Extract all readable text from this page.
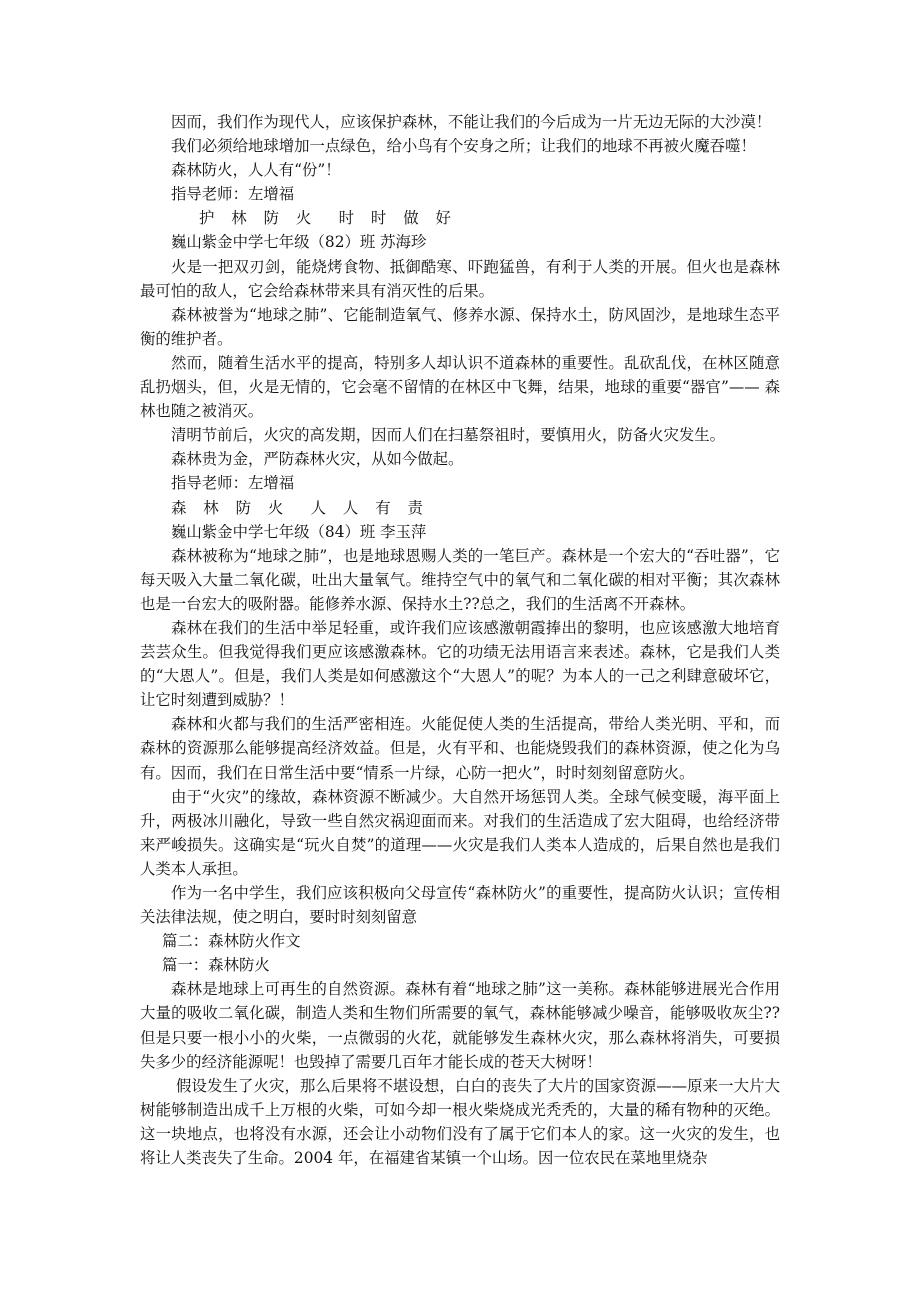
因而，我们作为现代人，应该保护森林，不能让我们的今后成为一片无边无际的大沙漠！

我们必须给地球增加一点绿色，给小鸟有个安身之所；让我们的地球不再被火魔吞噬！

森林防火，人人有“份”！

指导老师：左增福

护 林 防 火　时 时 做 好

巍山紫金中学七年级（82）班 苏海珍

火是一把双刃剑，能烧烤食物、抵御酷寒、吓跑猛兽，有利于人类的开展。但火也是森林最可怕的敌人，它会给森林带来具有消灭性的后果。

森林被誉为“地球之肺”、它能制造氧气、修养水源、保持水土，防风固沙，是地球生态平衡的维护者。

然而，随着生活水平的提高，特别多人却认识不道森林的重要性。乱砍乱伐，在林区随意乱扔烟头，但，火是无情的，它会毫不留情的在林区中飞舞，结果，地球的重要“器官”—— 森林也随之被消灭。

清明节前后，火灾的高发期，因而人们在扫墓祭祖时，要慎用火，防备火灾发生。

森林贵为金，严防森林火灾，从如今做起。

指导老师：左增福

森 林 防 火　人 人 有 责

巍山紫金中学七年级（84）班 李玉萍

森林被称为“地球之肺”，也是地球恩赐人类的一笔巨产。森林是一个宏大的“吞吐器”，它每天吸入大量二氧化碳，吐出大量氧气。维持空气中的氧气和二氧化碳的相对平衡；其次森林也是一台宏大的吸附器。能修养水源、保持水土??总之，我们的生活离不开森林。

森林在我们的生活中举足轻重，或许我们应该感激朝霞捧出的黎明，也应该感激大地培育芸芸众生。但我觉得我们更应该感激森林。它的功绩无法用语言来表述。森林，它是我们人类的“大恩人”。但是，我们人类是如何感激这个“大恩人”的呢？为本人的一己之利肆意破坏它，让它时刻遭到威胁？！

森林和火都与我们的生活严密相连。火能促使人类的生活提高，带给人类光明、平和，而森林的资源那么能够提高经济效益。但是，火有平和、也能烧毁我们的森林资源，使之化为乌有。因而，我们在日常生活中要“情系一片绿，心防一把火”，时时刻刻留意防火。

由于“火灾”的缘故，森林资源不断减少。大自然开场惩罚人类。全球气候变暖，海平面上升，两极冰川融化，导致一些自然灾祸迎面而来。对我们的生活造成了宏大阻碍，也给经济带来严峻损失。这确实是“玩火自焚”的道理——火灾是我们人类本人造成的，后果自然也是我们人类本人承担。

作为一名中学生，我们应该积极向父母宣传“森林防火”的重要性，提高防火认识；宣传相关法律法规，使之明白，要时时刻刻留意

篇二：森林防火作文

篇一：森林防火

森林是地球上可再生的自然资源。森林有着“地球之肺”这一美称。森林能够进展光合作用大量的吸收二氧化碳，制造人类和生物们所需要的氧气，森林能够减少噪音，能够吸收灰尘??但是只要一根小小的火柴，一点微弱的火花，就能够发生森林火灾，那么森林将消失，可要损失多少的经济能源呢！也毁掉了需要几百年才能长成的苍天大树呀！

假设发生了火灾，那么后果将不堪设想，白白的丧失了大片的国家资源——原来一大片大树能够制造出成千上万根的火柴，可如今却一根火柴烧成光秃秃的，大量的稀有物种的灭绝。这一块地点，也将没有水源，还会让小动物们没有了属于它们本人的家。这一火灾的发生，也将让人类丧失了生命。2004 年，在福建省某镇一个山场。因一位农民在菜地里烧杂
